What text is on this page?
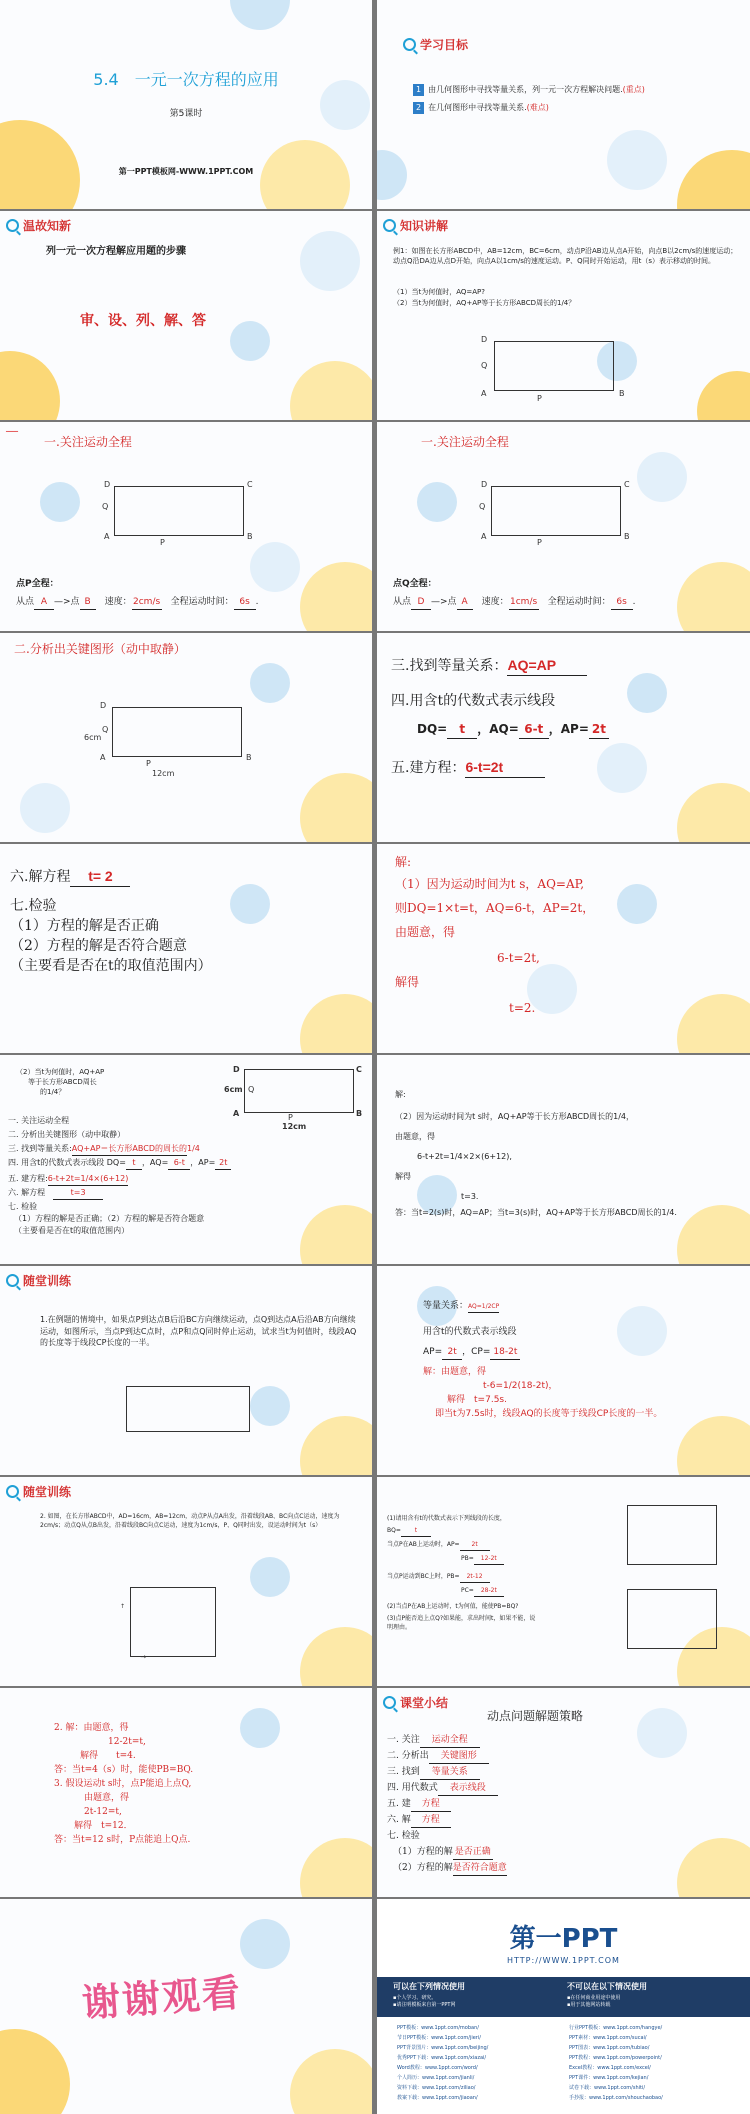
5.4　一元一次方程的应用
第5课时
第一PPT模板网-WWW.1PPT.COM
学习目标
1 由几何图形中寻找等量关系，列一元一次方程解决问题.(重点)
2 在几何图形中寻找等量关系.(难点)
温故知新
列一元一次方程解应用题的步骤
审、设、列、解、答
知识讲解
例1：如图在长方形ABCD中，AB=12cm，BC=6cm，动点P沿AB边从点A开始，向点B以2cm/s的速度运动；动点Q沿DA边从点D开始，向点A以1cm/s的速度运动。P、Q同时开始运动，用t（s）表示移动的时间。
（1）当t为何值时，AQ=AP?
（2）当t为何值时，AQ+AP等于长方形ABCD周长的1/4？
D
Q
A
P
B
━━━━
一.关注运动全程
D	C
Q
A
P
B
点P全程：
从点 A —>点 B　 速度：2cm/s　 全程运动时间： 6s .
一.关注运动全程
D	C
Q
A
P
B
点Q全程：
从点 D —>点 A　 速度：1cm/s　 全程运动时间： 6s .
二.分析出关键图形（动中取静）
D
Q
6cm
A
P
12cm
B
三.找到等量关系：AQ=AP
四.用含t的代数式表示线段
DQ= t ，AQ= 6-t ，AP= 2t
五.建方程：6-t=2t
六.解方程 t= 2
七.检验
（1）方程的解是否正确
（2）方程的解是否符合题意
（主要看是否在t的取值范围内）
解:
（1）因为运动时间为t s，AQ=AP,
则DQ=1×t=t，AQ=6-t，AP=2t，
由题意，得
6-t=2t,
解得
t=2.
（2）当t为何值时，AQ+AP
等于长方形ABCD周长
的1/4？
D	C
6cm Q
A	P
12cm
B
一. 关注运动全程
二. 分析出关键图形（动中取静）
三. 找到等量关系:AQ+AP＝长方形ABCD的周长的1/4
四. 用含t的代数式表示线段 DQ= t ，AQ= 6-t ，AP= 2t
五. 建方程:6-t+2t=1/4×(6+12)
六. 解方程　	t=3
七. 检验
（1）方程的解是否正确；（2）方程的解是否符合题意
（主要看是否在t的取值范围内）
解:
（2）因为运动时间为t s时，AQ+AP等于长方形ABCD周长的1/4，
由题意，得
6-t+2t=1/4×2×(6+12),
解得
t=3.
答：当t=2(s)时，AQ=AP；当t=3(s)时，AQ+AP等于长方形ABCD周长的1/4.
随堂训练
1.在例题的情境中，如果点P到达点B后沿BC方向继续运动，点Q到达点A后沿AB方向继续运动，如图所示，当点P到达C点时，点P和点Q同时停止运动，试求当t为何值时，线段AQ的长度等于线段CP长度的一半。
等量关系：AQ=1/2CP
用含t的代数式表示线段
AP= 2t ，CP= 18-2t
解：由题意，得
t-6=1/2(18-2t)，
解得　 t=7.5s.
即当t为7.5s时，线段AQ的长度等于线段CP长度的一半。
随堂训练
2. 如图，在长方形ABCD中，AD=16cm，AB=12cm，动点P从点A出发，沿着线段AB、BC向点C运动，速度为2cm/s；动点Q从点B出发，沿着线段BC向点C运动，速度为1cm/s，P、Q同时出发，设运动时间为t（s）
↑
──→
(1)请用含有t的代数式表示下列线段的长度，
BQ= t
当点P在AB上运动时，AP= 2t
PB= 12-2t
当点P运动到BC上时，PB= 2t-12
PC= 28-2t
(2)当点P在AB上运动时，t为何值，能使PB=BQ?
(3)点P能否追上点Q?如果能，求出时间t，如果不能，说明理由。
2. 解：由题意，得
12-2t=t,
解得　　t=4.
答：当t=4（s）时，能使PB=BQ.
3. 假设运动t s时，点P能追上点Q,
由题意，得
2t-12=t,
解得　t=12．
答：当t=12 s时，P点能追上Q点.
课堂小结
动点问题解题策略
一. 关注 运动全程
二. 分析出 关键图形
三. 找到 等量关系
四. 用代数式 表示线段
五. 建 方程
六. 解 方程
七. 检验
（1）方程的解 是否正确
（2）方程的解是否符合题意
谢谢观看
第一PPT
HTTP://WWW.1PPT.COM
可以在下列情况使用	不可以在以下情况使用
▪个人学习、研究。
▪请注明模板来自第一PPT网
▪在任何商业用途中使用
▪用于其他网站转载
PPT模板：www.1ppt.com/moban/
节日PPT模板：www.1ppt.com/jieri/
PPT背景图片：www.1ppt.com/beijing/
优秀PPT下载：www.1ppt.com/xiazai/
Word教程：www.1ppt.com/word/
个人简历：www.1ppt.com/jianli/
资料下载：www.1ppt.com/ziliao/
教案下载：www.1ppt.com/jiaoan/
行业PPT模板：www.1ppt.com/hangye/
PPT素材：www.1ppt.com/sucai/
PPT图表：www.1ppt.com/tubiao/
PPT教程：www.1ppt.com/powerpoint/
Excel教程：www.1ppt.com/excel/
PPT课件：www.1ppt.com/kejian/
试卷下载：www.1ppt.com/shiti/
手抄报：www.1ppt.com/shouchaobao/
